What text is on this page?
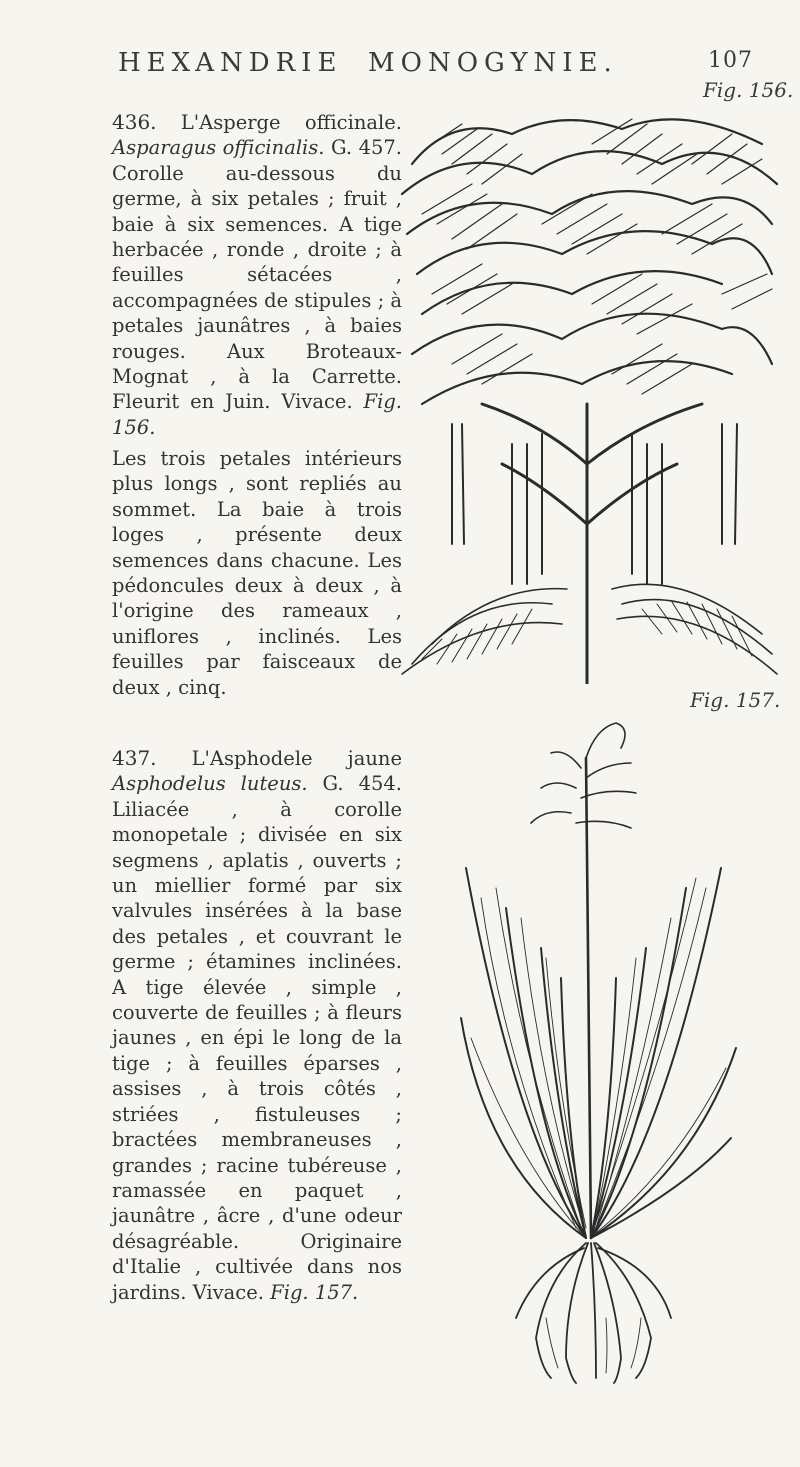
HEXANDRIE MONOGYNIE.	107
Fig. 156.

436. L'Asperge officinale. Asparagus officinalis. G. 457. Corolle au-dessous du germe, à six petales ; fruit , baie à six semences. A tige herbacée , ronde , droite ; à feuilles sétacées , accompagnées de stipules ; à petales jaunâtres , à baies rouges. Aux Broteaux-Mognat , à la Carrette. Fleurit en Juin. Vivace. Fig. 156.

Les trois petales intérieurs plus longs , sont repliés au sommet. La baie à trois loges , présente deux semences dans chacune. Les pédoncules deux à deux , à l'origine des rameaux , uniflores , inclinés. Les feuilles par faisceaux de deux , cinq.

Fig. 157.

437. L'Asphodele jaune Asphodelus luteus. G. 454. Liliacée , à corolle monopetale ; divisée en six segmens , aplatis , ouverts ; un miellier formé par six valvules insérées à la base des petales , et couvrant le germe ; étamines inclinées. A tige élevée , simple , couverte de feuilles ; à fleurs jaunes , en épi le long de la tige ; à feuilles éparses , assises , à trois côtés , striées , fistuleuses ; bractées membraneuses , grandes ; racine tubéreuse , ramassée en paquet , jaunâtre , âcre , d'une odeur désagréable. Originaire d'Italie , cultivée dans nos jardins. Vivace. Fig. 157.
